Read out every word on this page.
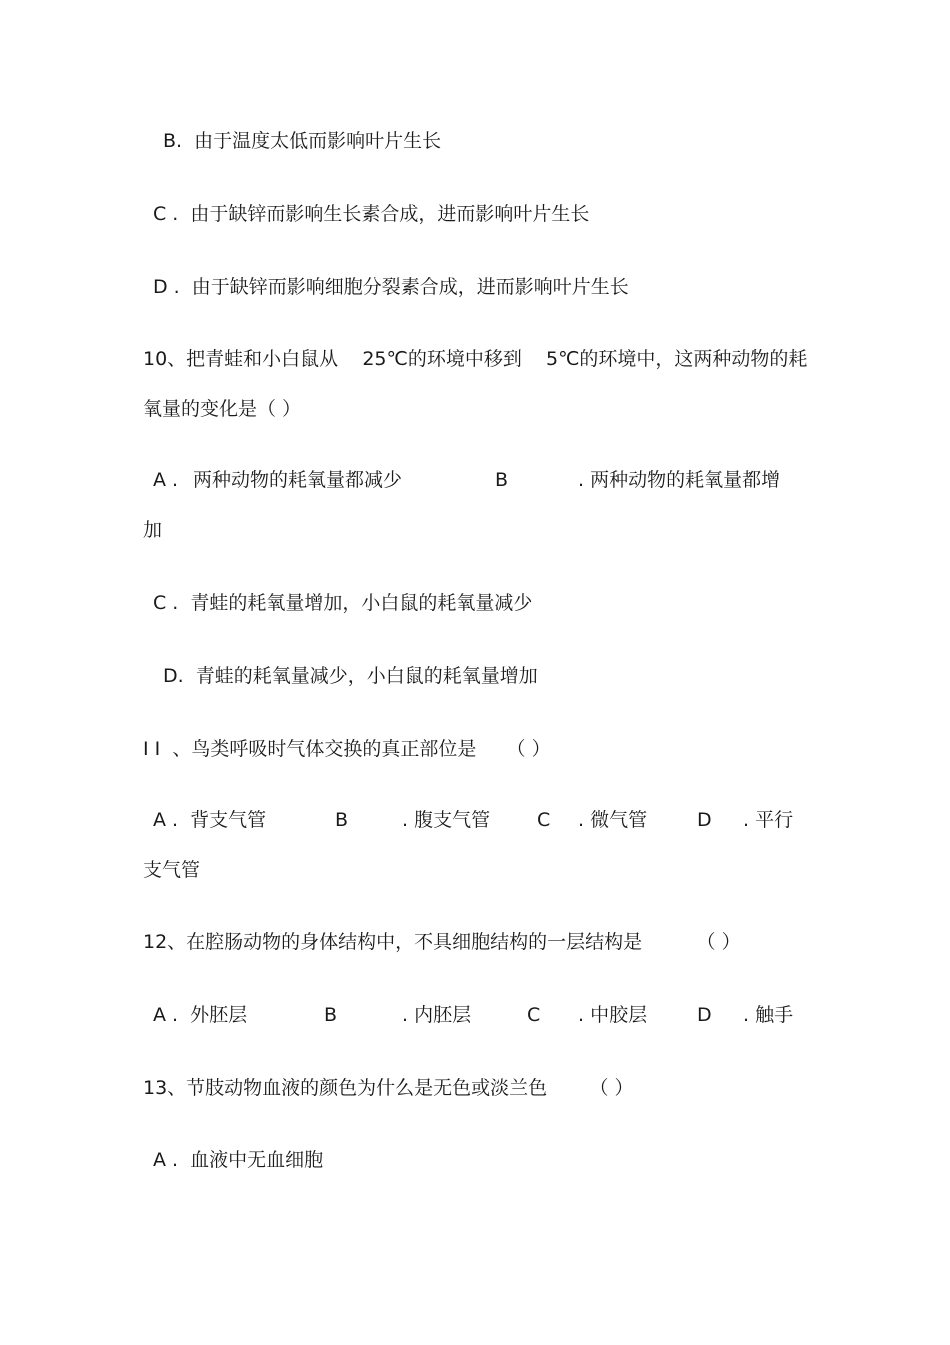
B.  由于温度太低而影响叶片生长
C .  由于缺锌而影响生长素合成，进而影响叶片生长
D .  由于缺锌而影响细胞分裂素合成，进而影响叶片生长
10、把青蛙和小白鼠从    25℃的环境中移到    5℃的环境中，这两种动物的耗
氧量的变化是（ ）
A . 两种动物的耗氧量都减少	B	. 两种动物的耗氧量都增
加
C .  青蛙的耗氧量增加，小白鼠的耗氧量减少
D.  青蛙的耗氧量减少，小白鼠的耗氧量增加
I I  、鸟类呼吸时气体交换的真正部位是     （ ）
A .  背支气管	B	. 腹支气管 C . 微气管	D . 平行
支气管
12、在腔肠动物的身体结构中，不具细胞结构的一层结构是         （ ）
A .  外胚层	B	. 内胚层	C . 中胶层	D . 触手
13、节肢动物血液的颜色为什么是无色或淡兰色       （ ）
A .  血液中无血细胞
